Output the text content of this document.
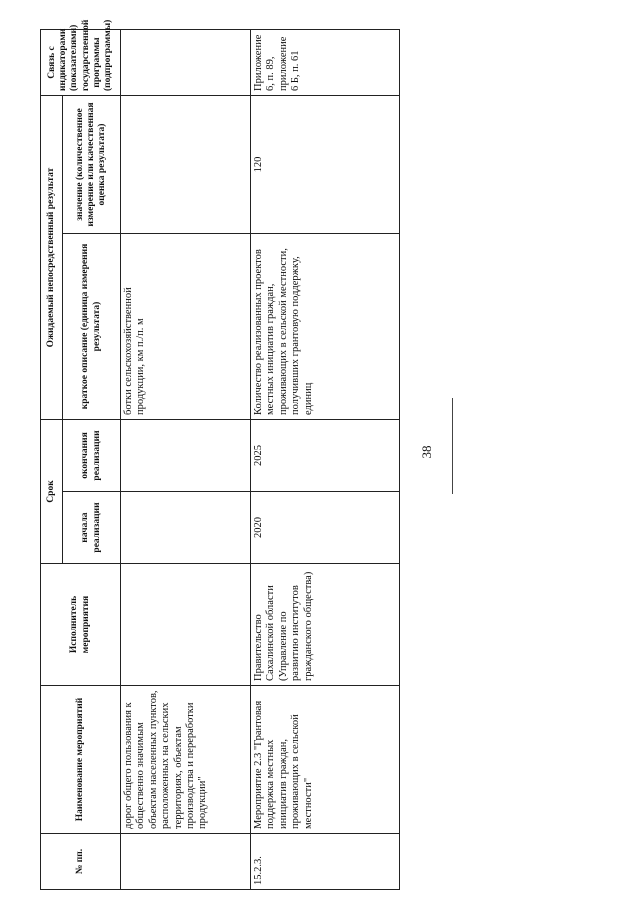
№ пп.	Наименование мероприятий	Исполнитель мероприятия	Срок		Ожидаемый непосредственный результат		Связь с индикаторами (показателями) государственной программы (подпрограммы)
			начала реализации	окончания реализации	краткое описание (единица измерения результата)	значение (количественное измерение или качественная оценка результата)	
	дорог общего пользования к общественно значимым объектам населенных пунктов, расположенных на сельских территориях, объектам производства и переработки продукции"				ботки сельскохозяйственной продукции, км п./п. м		
15.2.3.	Мероприятие 2.3 "Грантовая поддержка местных инициатив граждан, проживающих в сельской местности"	Правительство Сахалинской области (Управление по развитию институтов гражданского общества)	2020	2025	Количество реализованных проектов местных инициатив граждан, проживающих в сельской местности, получивших грантовую поддержку, единиц	120	Приложение 6, п. 89, приложение 6 Б, п. 61
38
